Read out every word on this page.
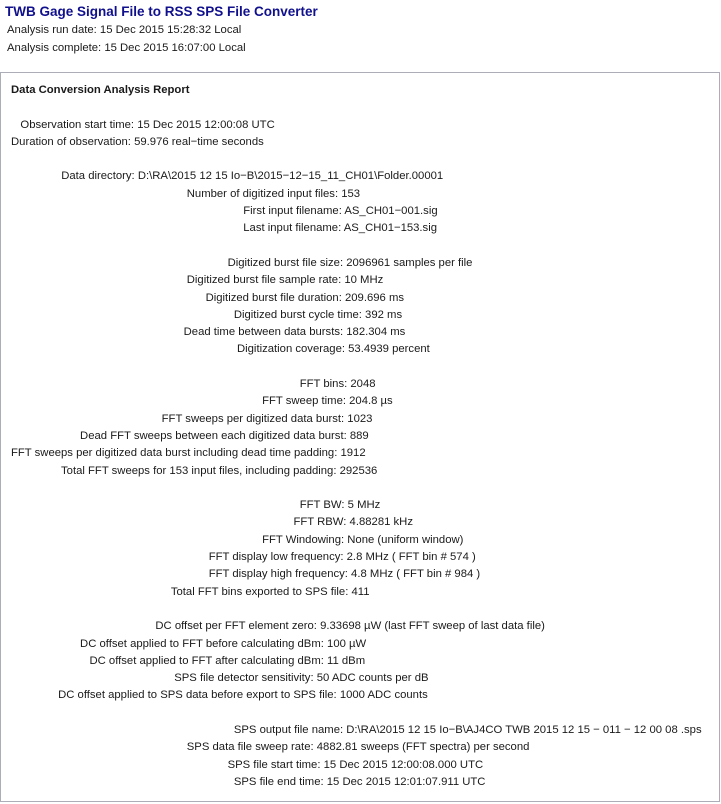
TWB Gage Signal File to RSS SPS File Converter
Analysis run date: 15 Dec 2015 15:28:32 Local
Analysis complete: 15 Dec 2015 16:07:00 Local
Data Conversion Analysis Report
Observation start time: 15 Dec 2015 12:00:08 UTC
Duration of observation: 59.976 real−time seconds
Data directory: D:\RA\2015 12 15 Io−B\2015−12−15_11_CH01\Folder.00001
Number of digitized input files: 153
First input filename: AS_CH01−001.sig
Last input filename: AS_CH01−153.sig
Digitized burst file size: 2096961 samples per file
Digitized burst file sample rate: 10 MHz
Digitized burst file duration: 209.696 ms
Digitized burst cycle time: 392 ms
Dead time between data bursts: 182.304 ms
Digitization coverage: 53.4939 percent
FFT bins: 2048
FFT sweep time: 204.8 µs
FFT sweeps per digitized data burst: 1023
Dead FFT sweeps between each digitized data burst: 889
FFT sweeps per digitized data burst including dead time padding: 1912
Total FFT sweeps for 153 input files, including padding: 292536
FFT BW: 5 MHz
FFT RBW: 4.88281 kHz
FFT Windowing: None (uniform window)
FFT display low frequency: 2.8 MHz ( FFT bin # 574 )
FFT display high frequency: 4.8 MHz ( FFT bin # 984 )
Total FFT bins exported to SPS file: 411
DC offset per FFT element zero: 9.33698 µW (last FFT sweep of last data file)
DC offset applied to FFT before calculating dBm: 100 µW
DC offset applied to FFT after calculating dBm: 11 dBm
SPS file detector sensitivity: 50 ADC counts per dB
DC offset applied to SPS data before export to SPS file: 1000 ADC counts
SPS output file name: D:\RA\2015 12 15 Io−B\AJ4CO TWB 2015 12 15 − 011 − 12 00 08 .sps
SPS data file sweep rate: 4882.81 sweeps (FFT spectra) per second
SPS file start time: 15 Dec 2015 12:00:08.000 UTC
SPS file end time: 15 Dec 2015 12:01:07.911 UTC
